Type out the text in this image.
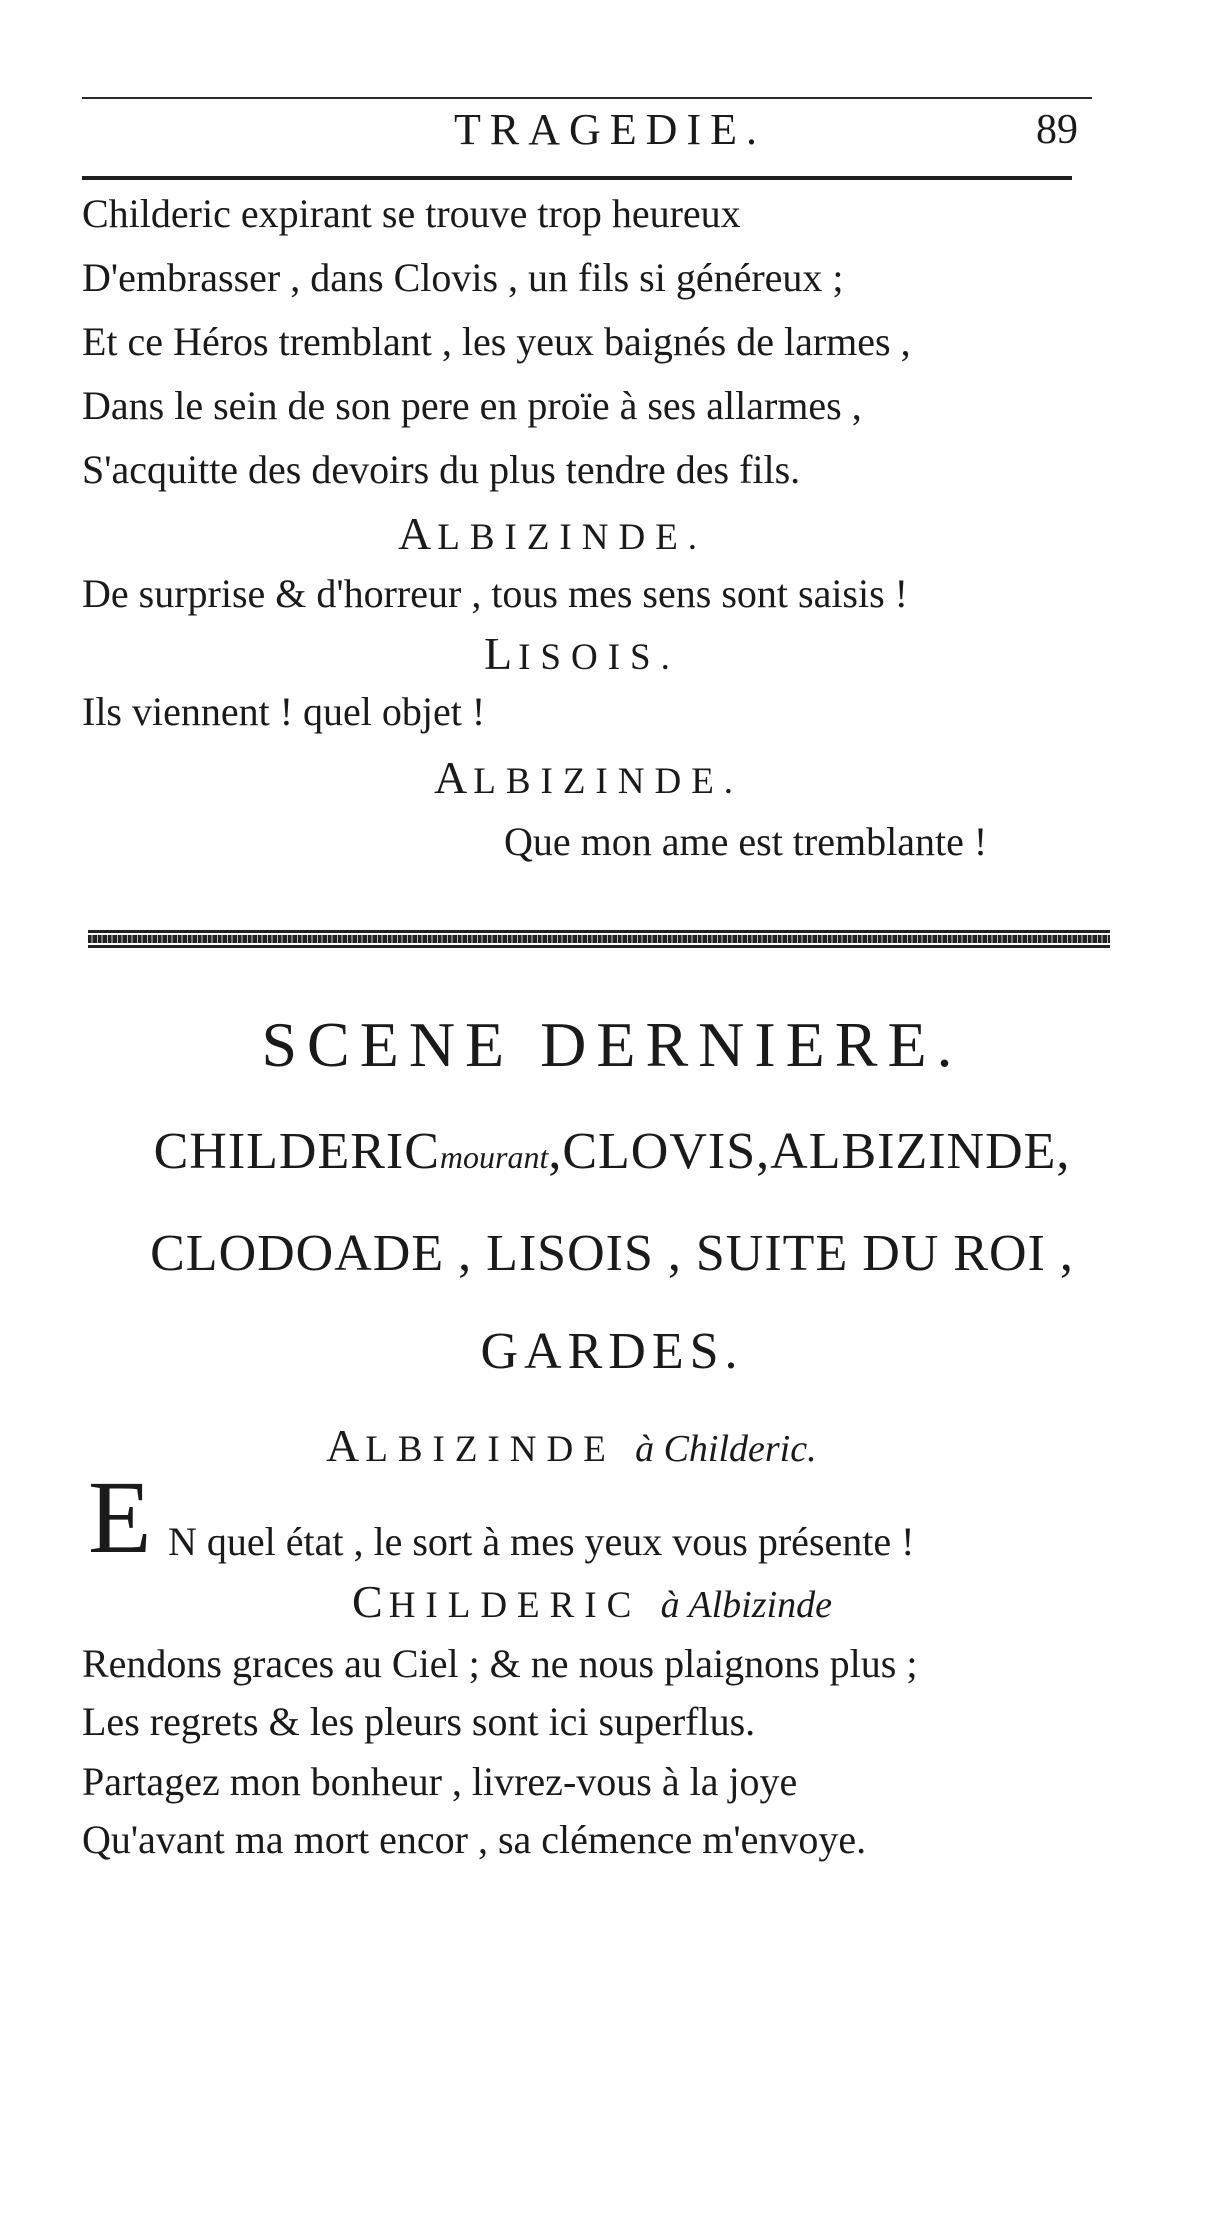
TRAGEDIE.	89
Childeric expirant se trouve trop heureux
D'embrasser , dans Clovis , un fils si généreux ;
Et ce Héros tremblant , les yeux baignés de larmes ,
Dans le sein de son pere en proïe à ses allarmes ,
S'acquitte des devoirs du plus tendre des fils.
ALBIZINDE.
De surprise & d'horreur , tous mes sens sont saisis !
LISOIS.
Ils viennent ! quel objet !
ALBIZINDE.
Que mon ame est tremblante !
SCENE DERNIERE.
CHILDERICmourant,CLOVIS,ALBIZINDE,
CLODOADE , LISOIS , SUITE DU ROI ,
GARDES.
ALBIZINDE à Childeric.
E N quel état , le sort à mes yeux vous présente !
CHILDERIC à Albizinde
Rendons graces au Ciel ; & ne nous plaignons plus ;
Les regrets & les pleurs sont ici superflus.
Partagez mon bonheur , livrez-vous à la joye
Qu'avant ma mort encor , sa clémence m'envoye.
